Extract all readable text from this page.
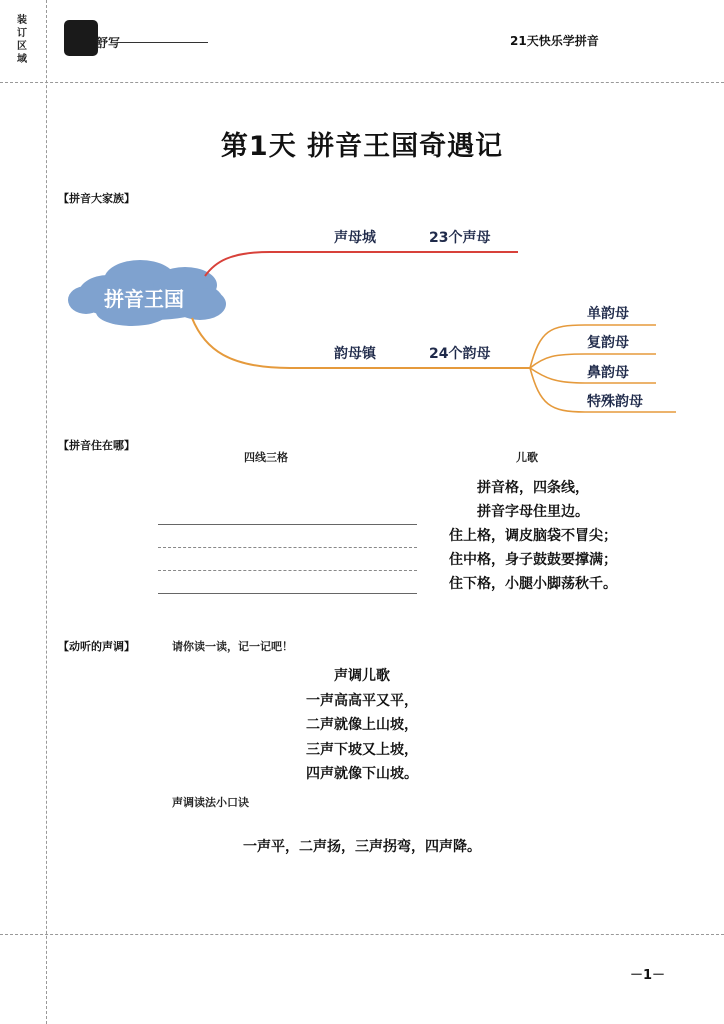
装
订
区
域
舒写	21天快乐学拼音
第1天 拼音王国奇遇记
【拼音大家族】
拼音王国
声母城	23个声母
韵母镇	24个韵母
单韵母
复韵母
鼻韵母
特殊韵母
【拼音住在哪】
四线三格	儿歌
拼音格，四条线，
拼音字母住里边。
住上格，调皮脑袋不冒尖；
住中格，身子鼓鼓要撑满；
住下格，小腿小脚荡秋千。
【动听的声调】	请你读一读，记一记吧！
声调儿歌
一声高高平又平，
二声就像上山坡，
三声下坡又上坡，
四声就像下山坡。
声调读法小口诀
一声平，二声扬，三声拐弯，四声降。
－1－
